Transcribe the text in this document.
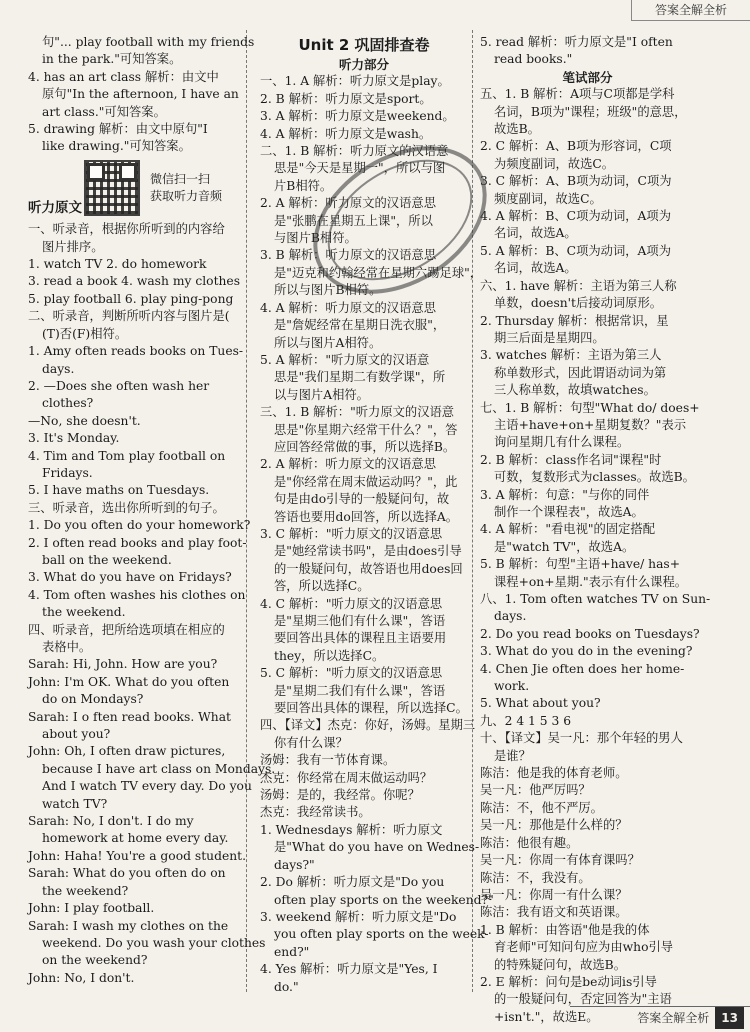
答案全解全析
句"... play football with my friends
in the park."可知答案。
4. has an art class 解析：由文中
原句"In the afternoon, I have an
art class."可知答案。
5. drawing 解析：由文中原句"I
like drawing."可知答案。
微信扫一扫
获取听力音频
听力原文
一、听录音，根据你所听到的内容给
图片排序。
1. watch TV 2. do homework
3. read a book 4. wash my clothes
5. play football 6. play ping-pong
二、听录音，判断所听内容与图片是(
(T)否(F)相符。
1. Amy often reads books on Tues-
days.
2. —Does she often wash her
clothes?
—No, she doesn't.
3. It's Monday.
4. Tim and Tom play football on
Fridays.
5. I have maths on Tuesdays.
三、听录音，选出你所听到的句子。
1. Do you often do your homework?
2. I often read books and play foot-
ball on the weekend.
3. What do you have on Fridays?
4. Tom often washes his clothes on
the weekend.
四、听录音，把所给选项填在相应的
表格中。
Sarah: Hi, John. How are you?
John: I'm OK. What do you often
do on Mondays?
Sarah: I o ften read books. What
about you?
John: Oh, I often draw pictures,
because I have art class on Mondays.
And I watch TV every day. Do you
watch TV?
Sarah: No, I don't. I do my
homework at home every day.
John: Haha! You're a good student.
Sarah: What do you often do on
the weekend?
John: I play football.
Sarah: I wash my clothes on the
weekend. Do you wash your clothes
on the weekend?
John: No, I don't.
Unit 2 巩固排查卷
听力部分
一、1. A 解析：听力原文是play。
2. B 解析：听力原文是sport。
3. A 解析：听力原文是weekend。
4. A 解析：听力原文是wash。
二、1. B 解析：听力原文的汉语意
思是"今天是星期一"，所以与图
片B相符。
2. A 解析：听力原文的汉语意思
是"张鹏在星期五上课"，所以
与图片B相符。
3. B 解析：听力原文的汉语意思
是"迈克和约翰经常在星期六踢足球"，
所以与图片B相符。
4. A 解析：听力原文的汉语意思
是"詹妮经常在星期日洗衣服"，
所以与图片A相符。
5. A 解析："听力原文的汉语意
思是"我们星期二有数学课"，所
以与图片A相符。
三、1. B 解析："听力原文的汉语意
思是"你星期六经常干什么？"，答
应回答经常做的事，所以选择B。
2. A 解析：听力原文的汉语意思
是"你经常在周末做运动吗？"，此
句是由do引导的一般疑问句，故
答语也要用do回答，所以选择A。
3. C 解析："听力原文的汉语意思
是"她经常读书吗"，是由does引导
的一般疑问句，故答语也用does回
答，所以选择C。
4. C 解析："听力原文的汉语意思
是"星期三他们有什么课"，答语
要回答出具体的课程且主语要用
they，所以选择C。
5. C 解析："听力原文的汉语意思
是"星期二我们有什么课"，答语
要回答出具体的课程，所以选择C。
四、【译文】杰克：你好，汤姆。星期三
你有什么课？
汤姆：我有一节体育课。
杰克：你经常在周末做运动吗？
汤姆：是的，我经常。你呢？
杰克：我经常读书。
1. Wednesdays 解析：听力原文
是"What do you have on Wednes-
days?"
2. Do 解析：听力原文是"Do you
often play sports on the weekend?"
3. weekend 解析：听力原文是"Do
you often play sports on the week-
end?"
4. Yes 解析：听力原文是"Yes, I
do."
5. read 解析：听力原文是"I often
read books."
笔试部分
五、1. B 解析：A项与C项都是学科
名词，B项为"课程；班级"的意思，
故选B。
2. C 解析：A、B项为形容词，C项
为频度副词，故选C。
3. C 解析：A、B项为动词，C项为
频度副词，故选C。
4. A 解析：B、C项为动词，A项为
名词，故选A。
5. A 解析：B、C项为动词，A项为
名词，故选A。
六、1. have 解析：主语为第三人称
单数，doesn't后接动词原形。
2. Thursday 解析：根据常识，星
期三后面是星期四。
3. watches 解析：主语为第三人
称单数形式，因此谓语动词为第
三人称单数，故填watches。
七、1. B 解析：句型"What do/ does+
主语+have+on+星期复数？"表示
询问星期几有什么课程。
2. B 解析：class作名词"课程"时
可数，复数形式为classes。故选B。
3. A 解析：句意："与你的同伴
制作一个课程表"，故选A。
4. A 解析："看电视"的固定搭配
是"watch TV"，故选A。
5. B 解析：句型"主语+have/ has+
课程+on+星期."表示有什么课程。
八、1. Tom often watches TV on Sun-
days.
2. Do you read books on Tuesdays?
3. What do you do in the evening?
4. Chen Jie often does her home-
work.
5. What about you?
九、2 4 1 5 3 6
十、【译文】吴一凡：那个年轻的男人
是谁？
陈洁：他是我的体育老师。
吴一凡：他严厉吗？
陈洁：不，他不严厉。
吴一凡：那他是什么样的？
陈洁：他很有趣。
吴一凡：你周一有体育课吗？
陈洁：不，我没有。
吴一凡：你周一有什么课？
陈洁：我有语文和英语课。
1. B 解析：由答语"他是我的体
育老师"可知问句应为由who引导
的特殊疑问句，故选B。
2. E 解析：问句是be动词is引导
的一般疑问句，否定回答为"主语
+isn't."，故选E。	答案全解全析	13
